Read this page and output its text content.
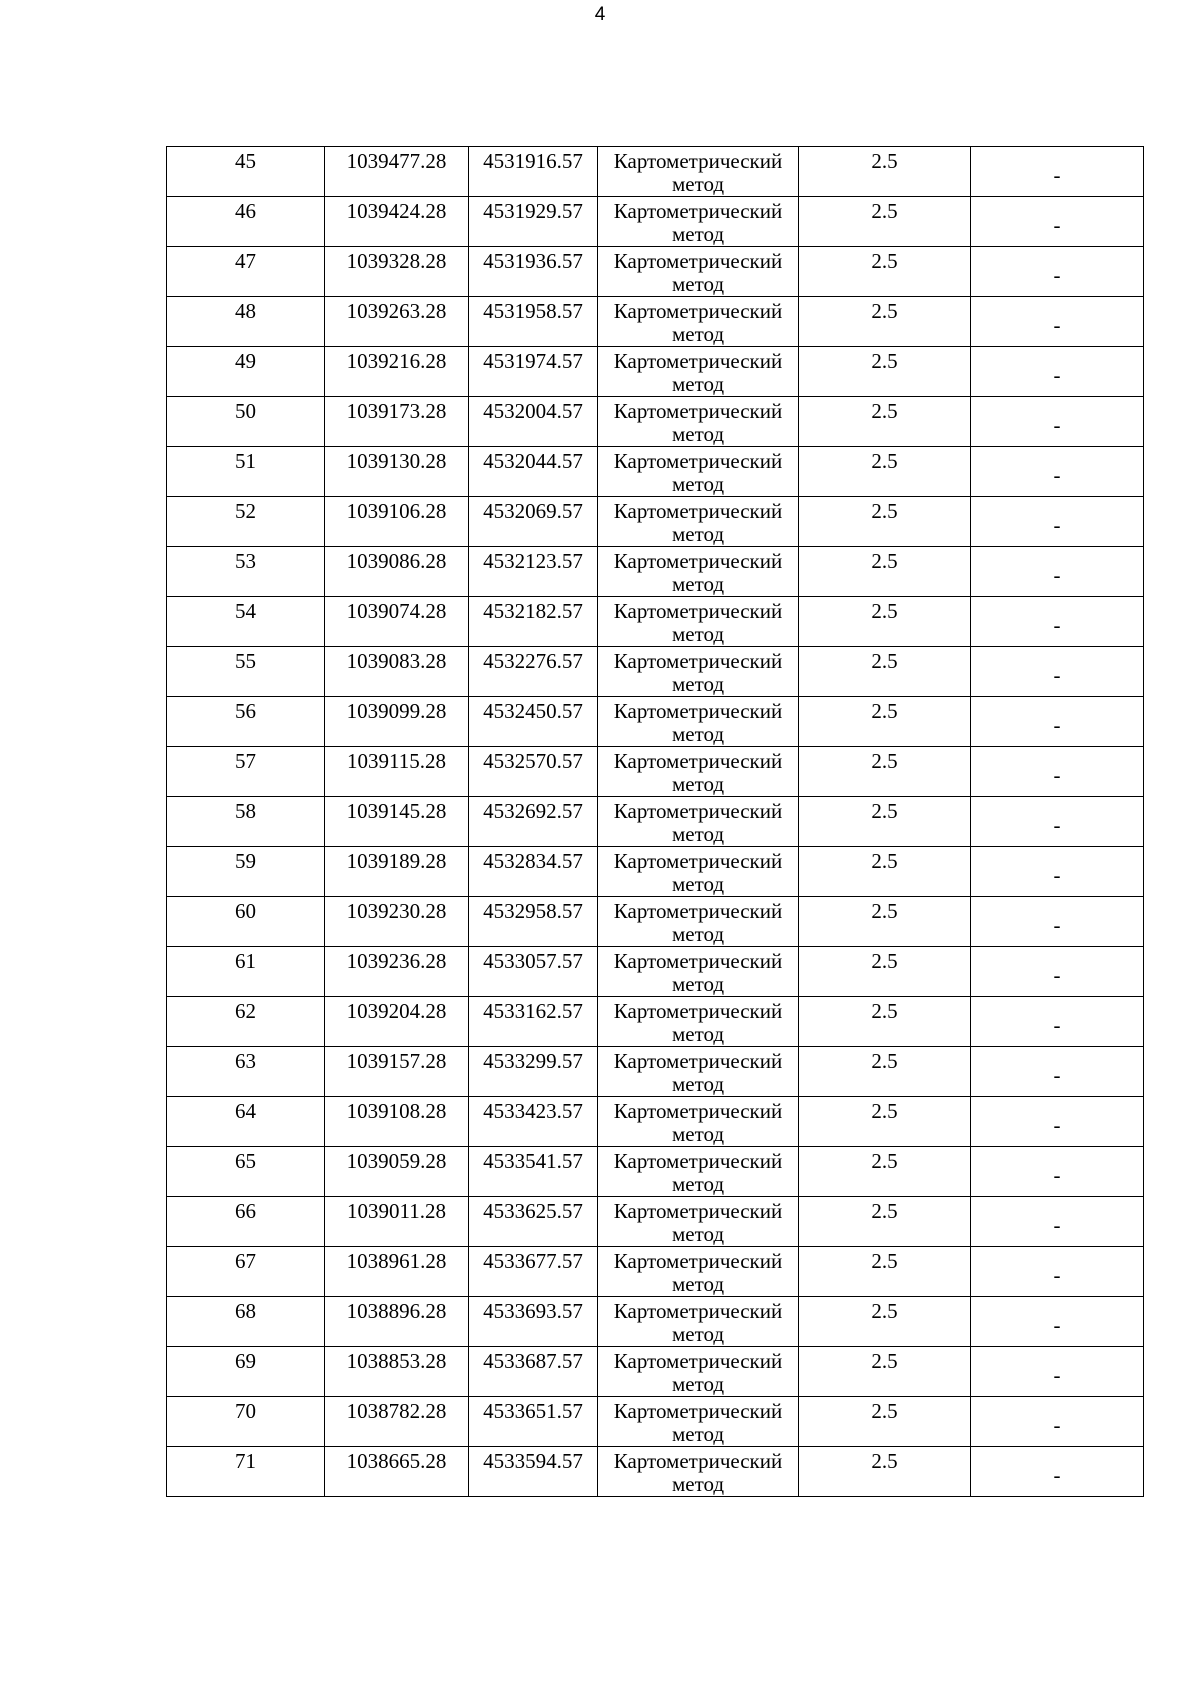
4
45	1039477.28	4531916.57	Картометрический метод	2.5	-

46	1039424.28	4531929.57	Картометрический метод	2.5	-

47	1039328.28	4531936.57	Картометрический метод	2.5	-

48	1039263.28	4531958.57	Картометрический метод	2.5	-

49	1039216.28	4531974.57	Картометрический метод	2.5	-

50	1039173.28	4532004.57	Картометрический метод	2.5	-

51	1039130.28	4532044.57	Картометрический метод	2.5	-

52	1039106.28	4532069.57	Картометрический метод	2.5	-

53	1039086.28	4532123.57	Картометрический метод	2.5	-

54	1039074.28	4532182.57	Картометрический метод	2.5	-

55	1039083.28	4532276.57	Картометрический метод	2.5	-

56	1039099.28	4532450.57	Картометрический метод	2.5	-

57	1039115.28	4532570.57	Картометрический метод	2.5	-

58	1039145.28	4532692.57	Картометрический метод	2.5	-

59	1039189.28	4532834.57	Картометрический метод	2.5	-

60	1039230.28	4532958.57	Картометрический метод	2.5	-

61	1039236.28	4533057.57	Картометрический метод	2.5	-

62	1039204.28	4533162.57	Картометрический метод	2.5	-

63	1039157.28	4533299.57	Картометрический метод	2.5	-

64	1039108.28	4533423.57	Картометрический метод	2.5	-

65	1039059.28	4533541.57	Картометрический метод	2.5	-

66	1039011.28	4533625.57	Картометрический метод	2.5	-

67	1038961.28	4533677.57	Картометрический метод	2.5	-

68	1038896.28	4533693.57	Картометрический метод	2.5	-

69	1038853.28	4533687.57	Картометрический метод	2.5	-

70	1038782.28	4533651.57	Картометрический метод	2.5	-

71	1038665.28	4533594.57	Картометрический метод	2.5	-
